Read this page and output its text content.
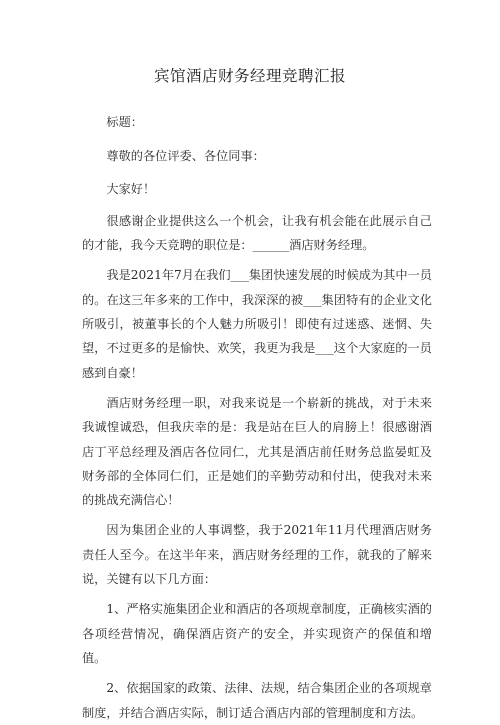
宾馆酒店财务经理竞聘汇报

标题：

尊敬的各位评委、各位同事：

大家好！

很感谢企业提供这么一个机会，让我有机会能在此展示自己的才能，我今天竞聘的职位是：______酒店财务经理。

我是2021年7月在我们___集团快速发展的时候成为其中一员的。在这三年多来的工作中，我深深的被___集团特有的企业文化所吸引，被董事长的个人魅力所吸引！即使有过迷惑、迷惘、失望，不过更多的是愉快、欢笑，我更为我是___这个大家庭的一员感到自豪！

酒店财务经理一职，对我来说是一个崭新的挑战，对于未来我诚惶诚恐，但我庆幸的是：我是站在巨人的肩膀上！很感谢酒店丁平总经理及酒店各位同仁，尤其是酒店前任财务总监晏虹及财务部的全体同仁们，正是她们的辛勤劳动和付出，使我对未来的挑战充满信心！

因为集团企业的人事调整，我于2021年11月代理酒店财务责任人至今。在这半年来，酒店财务经理的工作，就我的了解来说，关键有以下几方面：

1、严格实施集团企业和酒店的各项规章制度，正确核实酒的各项经营情况，确保酒店资产的安全，并实现资产的保值和增值。

2、依据国家的政策、法律、法规，结合集团企业的各项规章制度，并结合酒店实际，制订适合酒店内部的管理制度和方法。
